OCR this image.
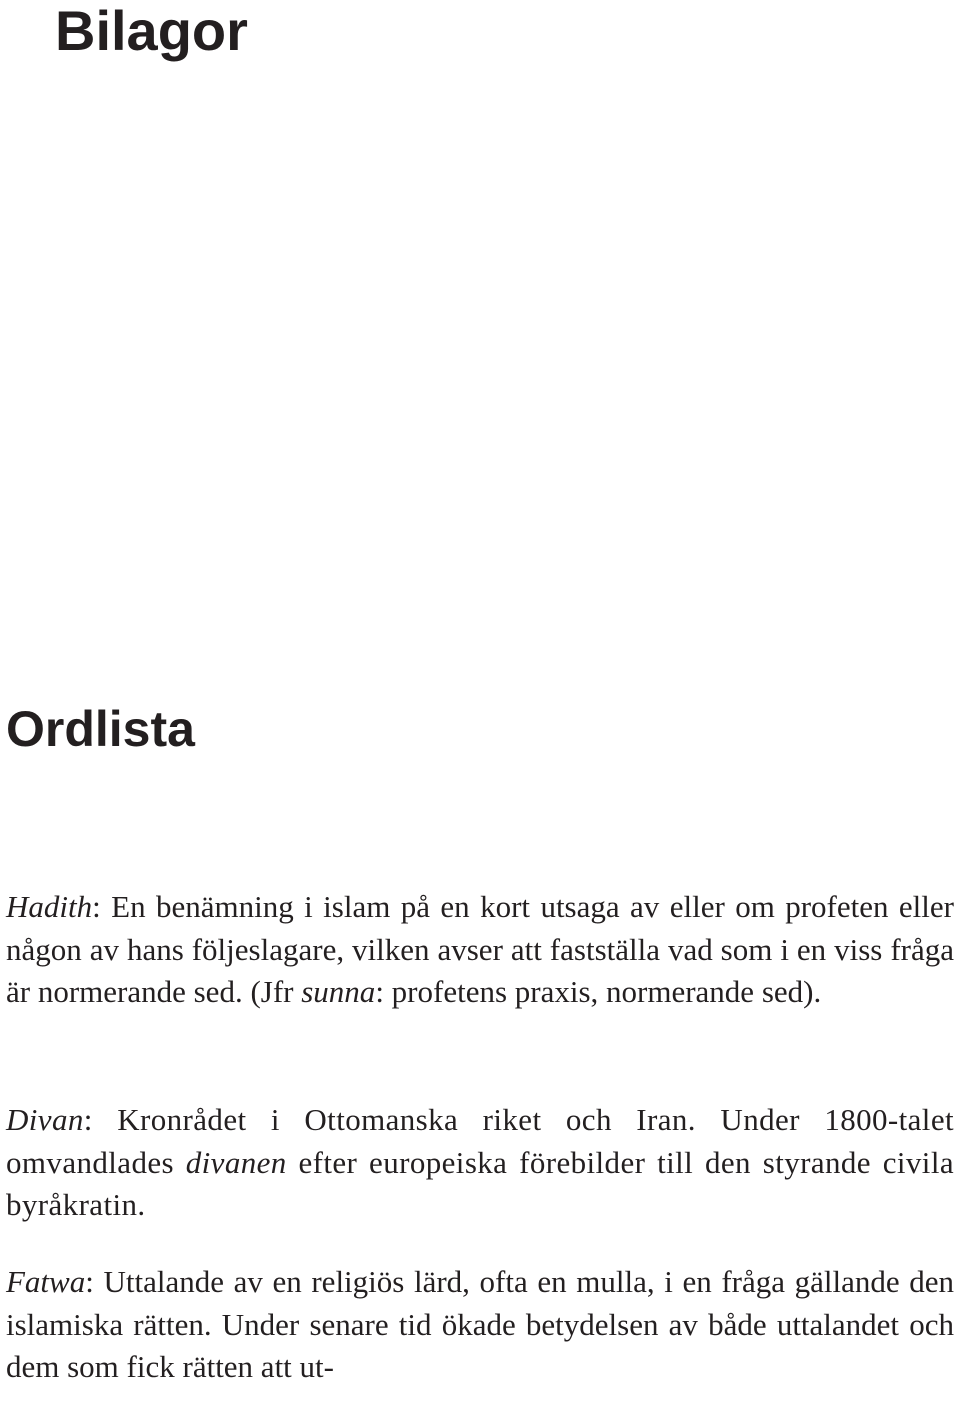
Bilagor
Ordlista

Hadith: En benämning i islam på en kort utsaga av eller om profeten eller någon av hans följeslagare, vilken avser att fastställa vad som i en viss fråga är normerande sed. (Jfr sunna: profetens praxis, normerande sed).

Divan: Kronrådet i Ottomanska riket och Iran. Under 1800-talet omvandlades divanen efter europeiska förebilder till den styrande civila byråkratin.

Fatwa: Uttalande av en religiös lärd, ofta en mulla, i en fråga gällande den islamiska rätten. Under senare tid ökade betydelsen av både uttalandet och dem som fick rätten att ut-
